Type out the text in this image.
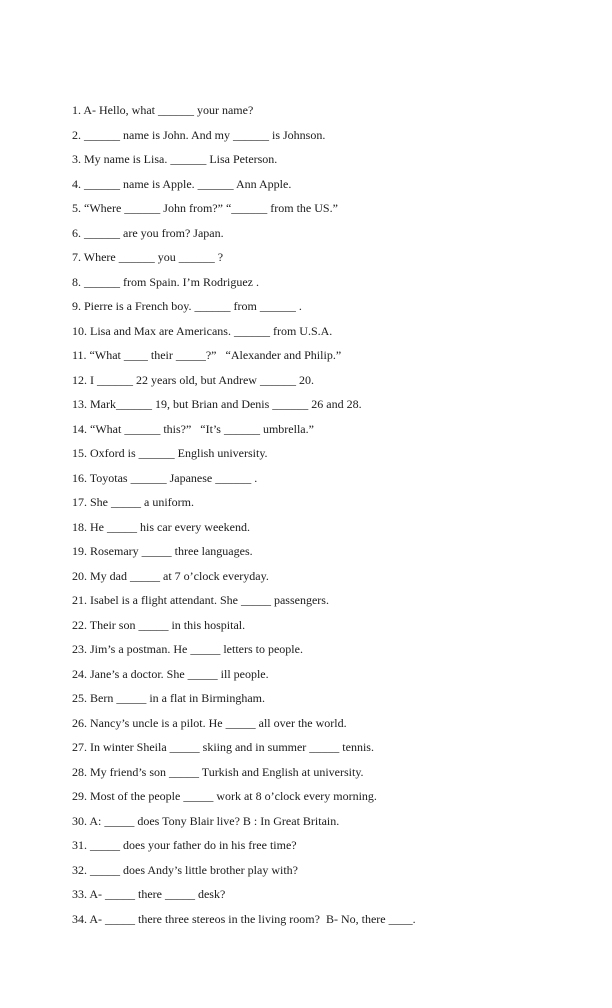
1. A- Hello, what ______ your name?
2. ______ name is John. And my ______ is Johnson.
3. My name is Lisa. ______ Lisa Peterson.
4. ______ name is Apple. ______ Ann Apple.
5. “Where ______ John from?” “______ from the US.”
6. ______ are you from? Japan.
7. Where ______ you ______ ?
8. ______ from Spain. I’m Rodriguez .
9. Pierre is a French boy. ______ from ______ .
10. Lisa and Max are Americans. ______ from U.S.A.
11. “What ____ their _____?”   “Alexander and Philip.”
12. I ______ 22 years old, but Andrew ______ 20.
13. Mark______ 19, but Brian and Denis ______ 26 and 28.
14. “What ______ this?”   “It’s ______ umbrella.”
15. Oxford is ______ English university.
16. Toyotas ______ Japanese ______ .
17. She _____ a uniform.
18. He _____ his car every weekend.
19. Rosemary _____ three languages.
20. My dad _____ at 7 o’clock everyday.
21. Isabel is a flight attendant. She _____ passengers.
22. Their son _____ in this hospital.
23. Jim’s a postman. He _____ letters to people.
24. Jane’s a doctor. She _____ ill people.
25. Bern _____ in a flat in Birmingham.
26. Nancy’s uncle is a pilot. He _____ all over the world.
27. In winter Sheila _____ skiing and in summer _____ tennis.
28. My friend’s son _____ Turkish and English at university.
29. Most of the people _____ work at 8 o’clock every morning.
30. A: _____ does Tony Blair live? B : In Great Britain.
31. _____ does your father do in his free time?
32. _____ does Andy’s little brother play with?
33. A- _____ there _____ desk?
34. A- _____ there three stereos in the living room?  B- No, there ____.
